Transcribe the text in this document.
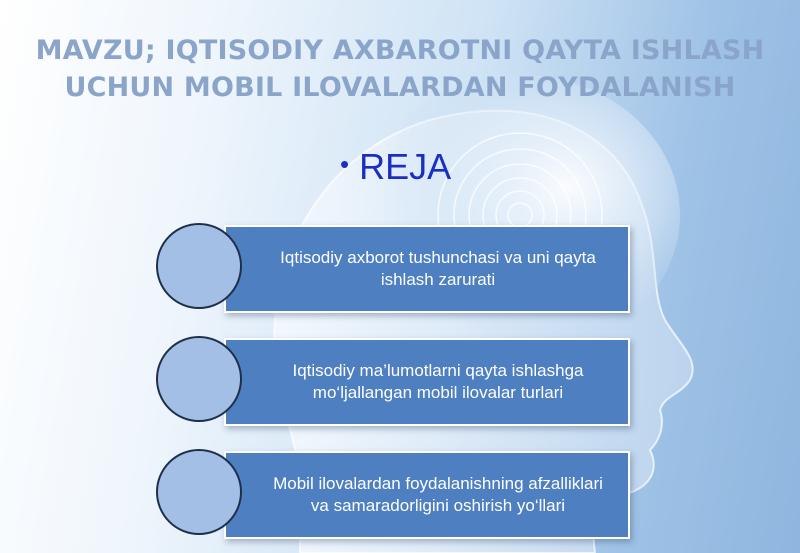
MAVZU; IQTISODIY AXBAROTNI QAYTA ISHLASH
UCHUN MOBIL ILOVALARDAN FOYDALANISH
• REJA
Iqtisodiy axborot tushunchasi va uni qayta ishlash zarurati
Iqtisodiy ma’lumotlarni qayta ishlashga mo‘ljallangan mobil ilovalar turlari
Mobil ilovalardan foydalanishning afzalliklari va samaradorligini oshirish yo‘llari
